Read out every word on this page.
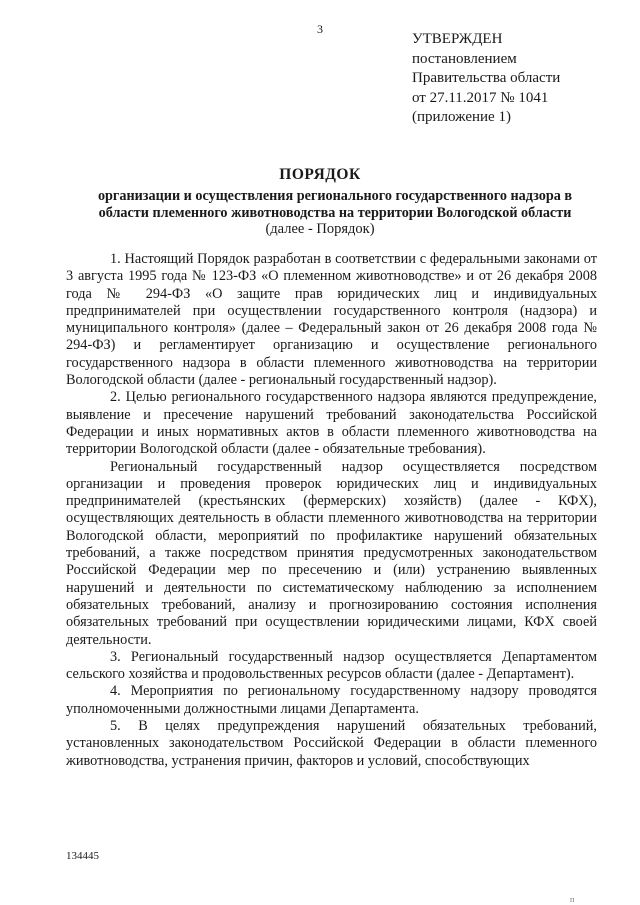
3
УТВЕРЖДЕН
постановлением
Правительства области
от 27.11.2017 № 1041
(приложение 1)
ПОРЯДОК
организации и осуществления регионального государственного надзора в области племенного животноводства на территории Вологодской области
(далее - Порядок)

1. Настоящий Порядок разработан в соответствии с федеральными законами от 3 августа 1995 года № 123-ФЗ «О племенном животноводстве» и от 26 декабря 2008 года № 294-ФЗ «О защите прав юридических лиц и индивидуальных предпринимателей при осуществлении государственного контроля (надзора) и муниципального контроля» (далее – Федеральный закон от 26 декабря 2008 года № 294-ФЗ) и регламентирует организацию и осуществление регионального государственного надзора в области племенного животноводства на территории Вологодской области (далее - региональный государственный надзор).

2. Целью регионального государственного надзора являются предупреждение, выявление и пресечение нарушений требований законодательства Российской Федерации и иных нормативных актов в области племенного животноводства на территории Вологодской области (далее - обязательные требования).

Региональный государственный надзор осуществляется посредством организации и проведения проверок юридических лиц и индивидуальных предпринимателей (крестьянских (фермерских) хозяйств) (далее - КФХ), осуществляющих деятельность в области племенного животноводства на территории Вологодской области, мероприятий по профилактике нарушений обязательных требований, а также посредством принятия предусмотренных законодательством Российской Федерации мер по пресечению и (или) устранению выявленных нарушений и деятельности по систематическому наблюдению за исполнением обязательных требований, анализу и прогнозированию состояния исполнения обязательных требований при осуществлении юридическими лицами, КФХ своей деятельности.

3. Региональный государственный надзор осуществляется Департаментом сельского хозяйства и продовольственных ресурсов области (далее - Департамент).

4. Мероприятия по региональному государственному надзору проводятся уполномоченными должностными лицами Департамента.

5. В целях предупреждения нарушений обязательных требований, установленных законодательством Российской Федерации в области племенного животноводства, устранения причин, факторов и условий, способствующих

134445
п
